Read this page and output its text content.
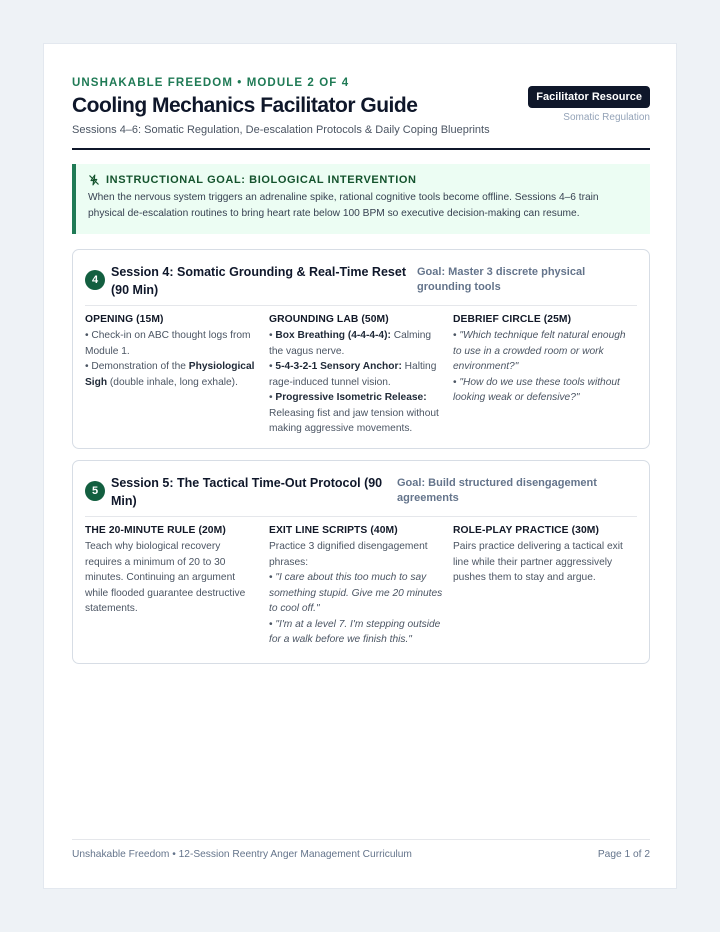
UNSHAKABLE FREEDOM • MODULE 2 OF 4
Cooling Mechanics Facilitator Guide
Sessions 4–6: Somatic Regulation, De-escalation Protocols & Daily Coping Blueprints
Facilitator Resource
Somatic Regulation
INSTRUCTIONAL GOAL: BIOLOGICAL INTERVENTION
When the nervous system triggers an adrenaline spike, rational cognitive tools become offline. Sessions 4–6 train physical de-escalation routines to bring heart rate below 100 BPM so executive decision-making can resume.
4
Session 4: Somatic Grounding & Real-Time Reset (90 Min)
Goal: Master 3 discrete physical grounding tools
OPENING (15M)

• Check-in on ABC thought logs from Module 1.

• Demonstration of the Physiological Sigh (double inhale, long exhale).

GROUNDING LAB (50M)

• Box Breathing (4-4-4-4): Calming the vagus nerve.

• 5-4-3-2-1 Sensory Anchor: Halting rage-induced tunnel vision.

• Progressive Isometric Release: Releasing fist and jaw tension without making aggressive movements.

DEBRIEF CIRCLE (25M)

• "Which technique felt natural enough to use in a crowded room or work environment?"

• "How do we use these tools without looking weak or defensive?"

5
Session 5: The Tactical Time-Out Protocol (90 Min)
Goal: Build structured disengagement agreements
THE 20-MINUTE RULE (20M)

Teach why biological recovery requires a minimum of 20 to 30 minutes. Continuing an argument while flooded guarantee destructive statements.

EXIT LINE SCRIPTS (40M)

Practice 3 dignified disengagement phrases:

• "I care about this too much to say something stupid. Give me 20 minutes to cool off."

• "I'm at a level 7. I'm stepping outside for a walk before we finish this."

ROLE-PLAY PRACTICE (30M)

Pairs practice delivering a tactical exit line while their partner aggressively pushes them to stay and argue.

Unshakable Freedom • 12-Session Reentry Anger Management Curriculum	Page 1 of 2
